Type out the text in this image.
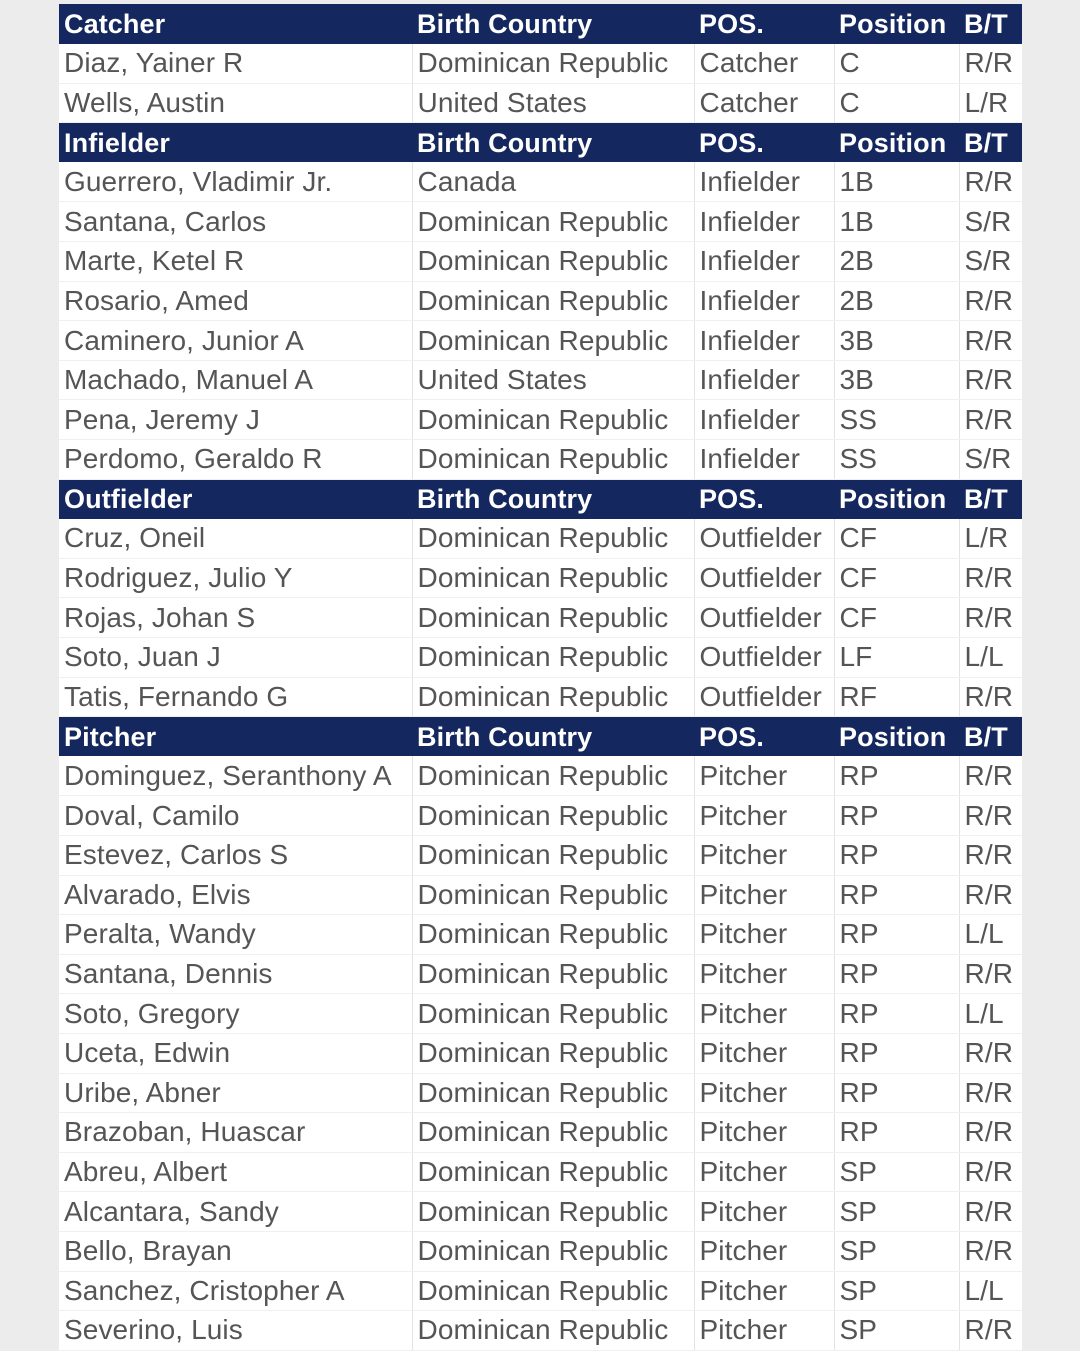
Catcher	Birth Country	POS.	Position	B/T
Diaz, Yainer R	Dominican Republic	Catcher	C	R/R
Wells, Austin	United States	Catcher	C	L/R
Infielder	Birth Country	POS.	Position	B/T
Guerrero, Vladimir Jr.	Canada	Infielder	1B	R/R
Santana, Carlos	Dominican Republic	Infielder	1B	S/R
Marte, Ketel R	Dominican Republic	Infielder	2B	S/R
Rosario, Amed	Dominican Republic	Infielder	2B	R/R
Caminero, Junior A	Dominican Republic	Infielder	3B	R/R
Machado, Manuel A	United States	Infielder	3B	R/R
Pena, Jeremy J	Dominican Republic	Infielder	SS	R/R
Perdomo, Geraldo R	Dominican Republic	Infielder	SS	S/R
Outfielder	Birth Country	POS.	Position	B/T
Cruz, Oneil	Dominican Republic	Outfielder	CF	L/R
Rodriguez, Julio Y	Dominican Republic	Outfielder	CF	R/R
Rojas, Johan S	Dominican Republic	Outfielder	CF	R/R
Soto, Juan J	Dominican Republic	Outfielder	LF	L/L
Tatis, Fernando G	Dominican Republic	Outfielder	RF	R/R
Pitcher	Birth Country	POS.	Position	B/T
Dominguez, Seranthony A	Dominican Republic	Pitcher	RP	R/R
Doval, Camilo	Dominican Republic	Pitcher	RP	R/R
Estevez, Carlos S	Dominican Republic	Pitcher	RP	R/R
Alvarado, Elvis	Dominican Republic	Pitcher	RP	R/R
Peralta, Wandy	Dominican Republic	Pitcher	RP	L/L
Santana, Dennis	Dominican Republic	Pitcher	RP	R/R
Soto, Gregory	Dominican Republic	Pitcher	RP	L/L
Uceta, Edwin	Dominican Republic	Pitcher	RP	R/R
Uribe, Abner	Dominican Republic	Pitcher	RP	R/R
Brazoban, Huascar	Dominican Republic	Pitcher	RP	R/R
Abreu, Albert	Dominican Republic	Pitcher	SP	R/R
Alcantara, Sandy	Dominican Republic	Pitcher	SP	R/R
Bello, Brayan	Dominican Republic	Pitcher	SP	R/R
Sanchez, Cristopher A	Dominican Republic	Pitcher	SP	L/L
Severino, Luis	Dominican Republic	Pitcher	SP	R/R
